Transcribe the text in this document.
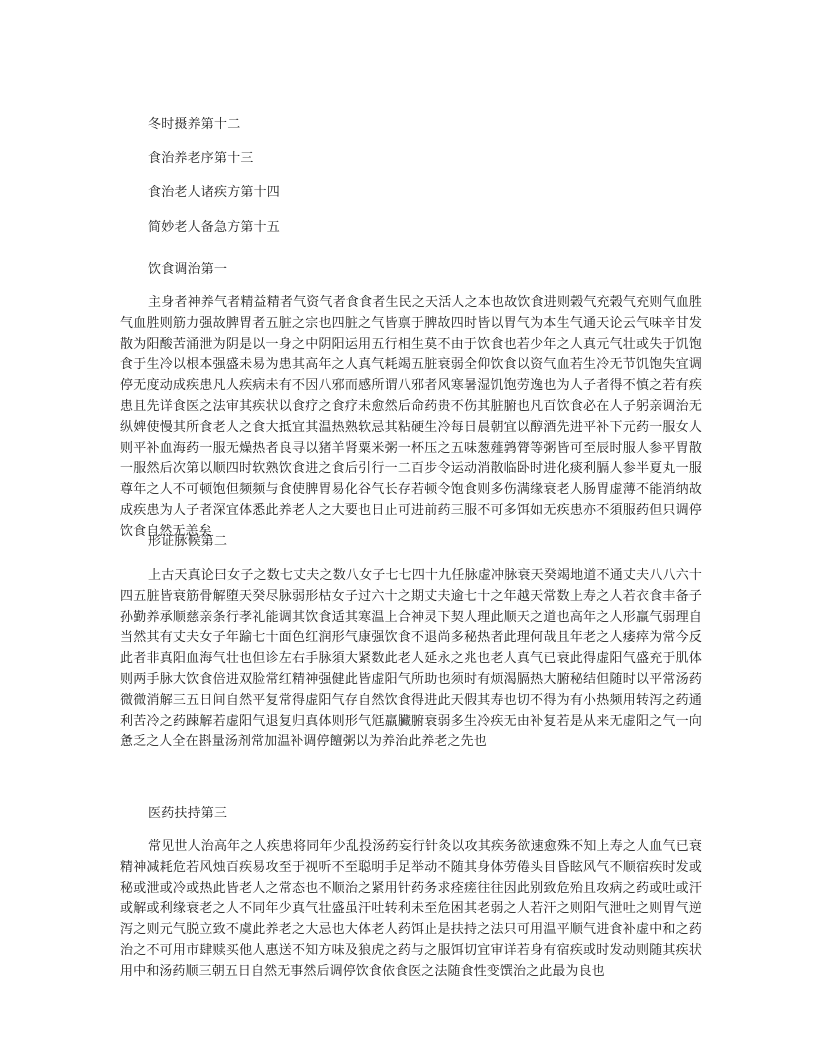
冬时摄养第十二
食治养老序第十三
食治老人诸疾方第十四
简妙老人备急方第十五
饮食调治第一
主身者神养气者精益精者气资气者食食者生民之天活人之本也故饮食进则榖气充榖气充则气血胜气血胜则筋力强故脾胃者五脏之宗也四脏之气皆禀于脾故四时皆以胃气为本生气通天论云气味辛甘发散为阳酸苦涌泄为阴是以一身之中阴阳运用五行相生莫不由于饮食也若少年之人真元气壮或失于饥饱食于生冷以根本强盛未易为患其高年之人真气耗竭五脏衰弱全仰饮食以资气血若生冷无节饥饱失宜调停无度动成疾患凡人疾病未有不因八邪而感所谓八邪者风寒暑湿饥饱劳逸也为人子者得不慎之若有疾患且先详食医之法审其疾状以食疗之食疗未愈然后命药贵不伤其脏腑也凡百饮食必在人子躬亲调治无纵婢使慢其所食老人之食大抵宜其温热熟软忌其粘硬生冷每日晨朝宜以醇酒先进平补下元药一服女人则平补血海药一服无燥热者良寻以猪羊肾粟米粥一杯压之五味葱薤鹑膂等粥皆可至辰时服人参平胃散一服然后次第以顺四时软熟饮食进之食后引行一二百步令运动消散临卧时进化痰利膈人参半夏丸一服尊年之人不可顿饱但频频与食使脾胃易化谷气长存若顿令饱食则多伤满缘衰老人肠胃虚薄不能消纳故成疾患为人子者深宜体悉此养老人之大要也日止可进前药三服不可多饵如无疾患亦不須服药但只调停饮食自然无恙矣
形证脉候第二
上古天真论曰女子之数七丈夫之数八女子七七四十九任脉虚冲脉衰天癸竭地道不通丈夫八八六十四五脏皆衰筋骨解堕天癸尽脉弱形枯女子过六十之期丈夫逾七十之年越天常数上寿之人若衣食丰备子孙勤养承顺慈亲条行孝礼能调其饮食适其寒温上合神灵下契人理此顺天之道也高年之人形羸气弱理自当然其有丈夫女子年踰七十面色红润形气康强饮食不退尚多秘热者此理何哉且年老之人痿瘁为常今反此者非真阳血海气壮也但诊左右手脉須大紧数此老人延永之兆也老人真气已衰此得虚阳气盛充于肌体则两手脉大饮食倍进双脸常红精神强健此皆虚阳气所助也须时有烦渴膈热大腑秘结但随时以平常汤药微微消解三五日间自然平复常得虚阳气存自然饮食得进此天假其寿也切不得为有小热频用转泻之药通利苦冷之药踈解若虚阳气退复归真体则形气尩羸臟腑衰弱多生冷疾无由补复若是从来无虚阳之气一向惫乏之人全在斟量汤剂常加温补调停饘粥以为养治此养老之先也
医药扶持第三
常见世人治高年之人疾患将同年少乱投汤药妄行针灸以攻其疾务欲速愈殊不知上寿之人血气已衰精神减耗危若风烛百疾易攻至于视听不至聪明手足举动不随其身体劳倦头目昏眩风气不顺宿疾时发或秘或泄或冷或热此皆老人之常态也不顺治之紧用针药务求痊瘥往往因此别致危殆且攻病之药或吐或汗或解或利缘衰老之人不同年少真气壮盛虽汗吐转利未至危困其老弱之人若汗之则阳气泄吐之则胃气逆泻之则元气脱立致不虞此养老之大忌也大体老人药饵止是扶持之法只可用温平顺气进食补虚中和之药治之不可用市肆赎买他人惠送不知方味及狼虎之药与之服饵切宜审详若身有宿疾或时发动则随其疾状用中和汤药顺三朝五日自然无事然后调停饮食依食医之法随食性变馔治之此最为良也
